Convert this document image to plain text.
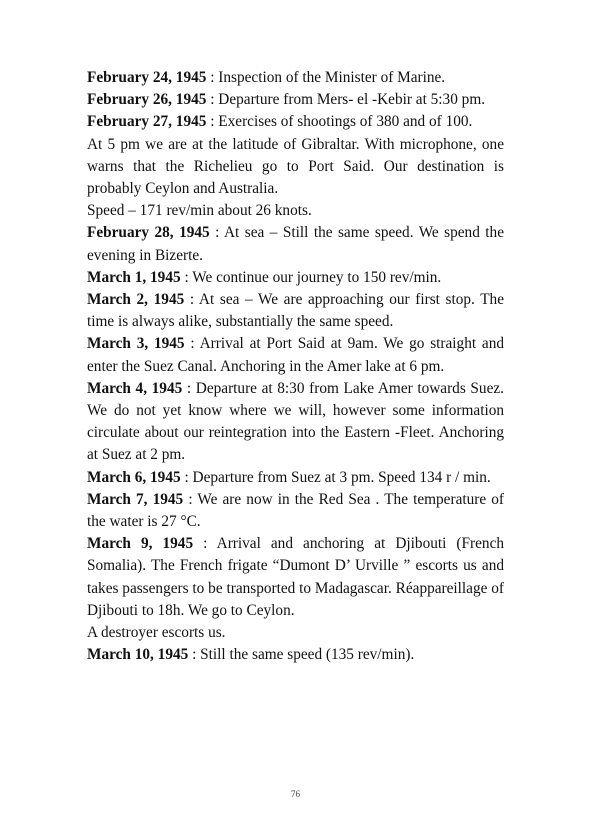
February 24, 1945 : Inspection of the Minister of Marine.

February 26, 1945 : Departure from Mers- el -Kebir at 5:30 pm.

February 27, 1945 : Exercises of shootings of 380 and of 100.

At 5 pm we are at the latitude of Gibraltar. With microphone, one warns that the Richelieu go to Port Said. Our destination is probably Ceylon and Australia.

Speed – 171 rev/min about 26 knots.

February 28, 1945 : At sea – Still the same speed. We spend the evening in Bizerte.

March 1, 1945 : We continue our journey to 150 rev/min.

March 2, 1945 : At sea – We are approaching our first stop. The time is always alike, substantially the same speed.

March 3, 1945 : Arrival at Port Said at 9am. We go straight and enter the Suez Canal. Anchoring in the Amer lake at 6 pm.

March 4, 1945 : Departure at 8:30 from Lake Amer towards Suez. We do not yet know where we will, however some information circulate about our reintegration into the Eastern -Fleet. Anchoring at Suez at 2 pm.

March 6, 1945 : Departure from Suez at 3 pm. Speed 134 r / min.

March 7, 1945 : We are now in the Red Sea . The temperature of the water is 27 °C.

March 9, 1945 : Arrival and anchoring at Djibouti (French Somalia). The French frigate “Dumont D’ Urville ” escorts us and takes passengers to be transported to Madagascar. Réappareillage of Djibouti to 18h. We go to Ceylon.

A destroyer escorts us.

March 10, 1945 : Still the same speed (135 rev/min).

76
